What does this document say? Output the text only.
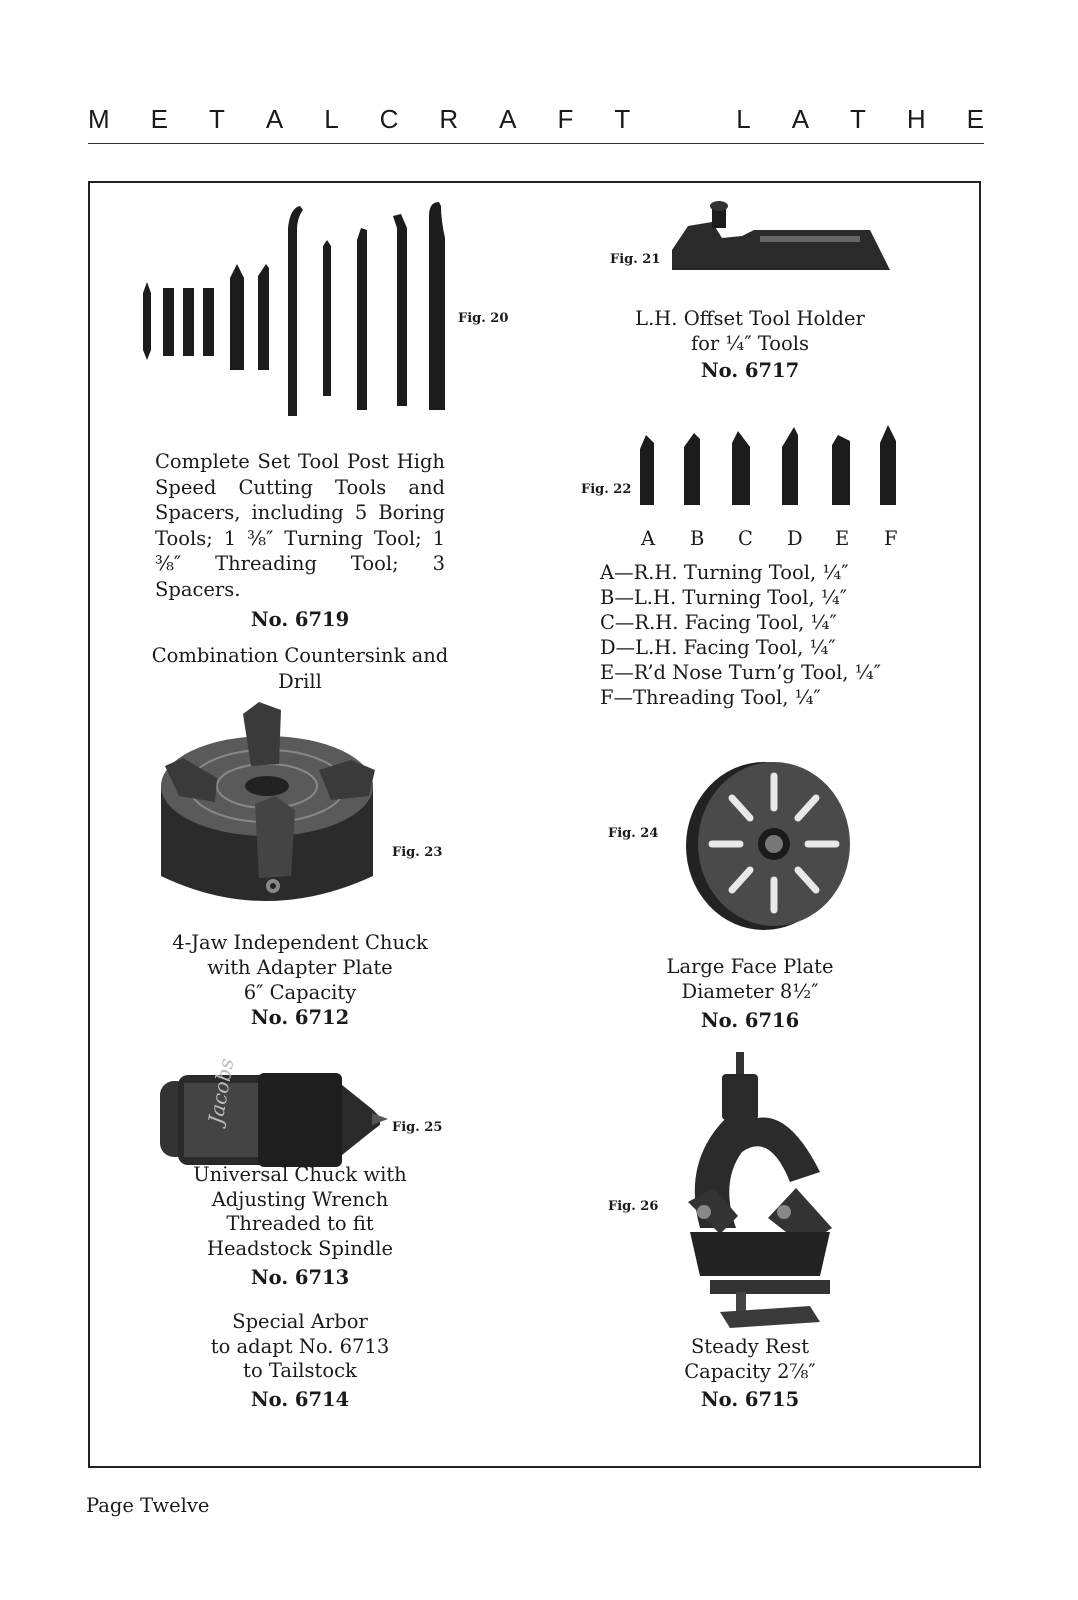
M E T A L C R A F T	L A T H E
Fig. 20
Complete Set Tool Post High Speed Cutting Tools and Spacers, including 5 Boring Tools; 1 ⅜″ Turning Tool; 1 ⅜″ Threading Tool; 3 Spacers.
No. 6719
Combination Countersink and Drill
Fig. 21
L.H. Offset Tool Holder
for ¼″ Tools
No. 6717
Fig. 22
A B C D E F
A—R.H. Turning Tool, ¼″
B—L.H. Turning Tool, ¼″
C—R.H. Facing Tool, ¼″
D—L.H. Facing Tool, ¼″
E—R’d Nose Turn’g Tool, ¼″
F—Threading Tool, ¼″
Fig. 23
4-Jaw Independent Chuck
with Adapter Plate
6″ Capacity
No. 6712
Fig. 24
Large Face Plate
Diameter 8½″
No. 6716
Jacobs
Fig. 25
Universal Chuck with
Adjusting Wrench
Threaded to fit
Headstock Spindle
No. 6713
Special Arbor
to adapt No. 6713
to Tailstock
No. 6714
Fig. 26
Steady Rest
Capacity 2⅞″
No. 6715
Page Twelve
